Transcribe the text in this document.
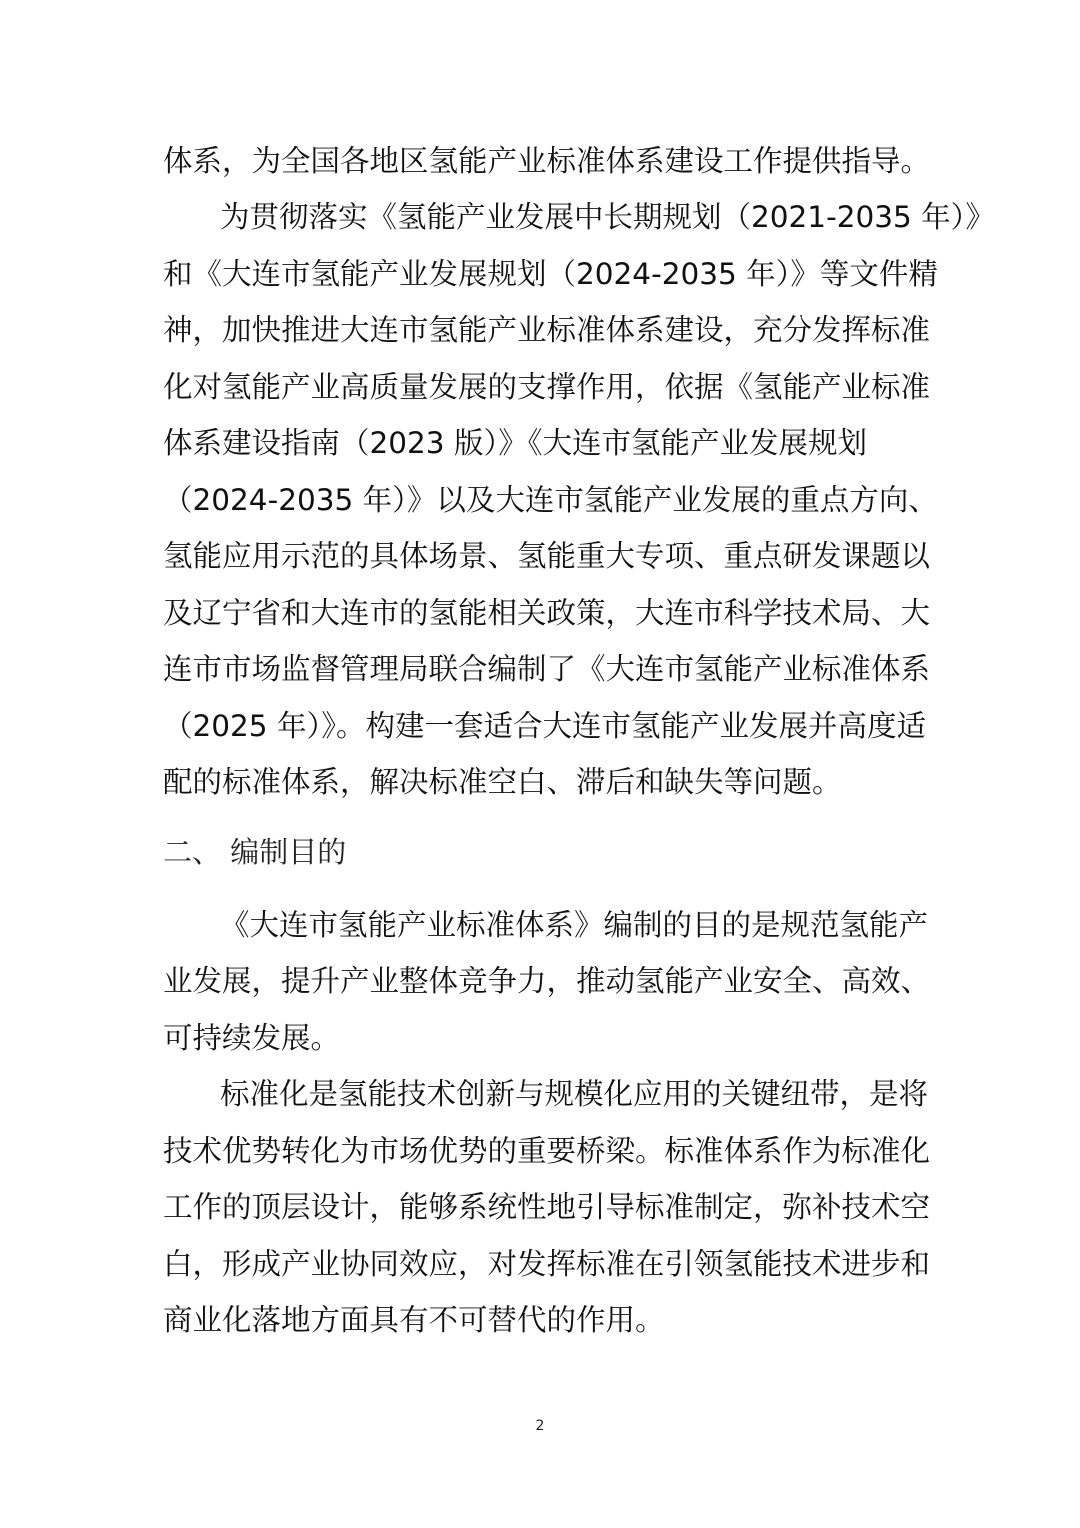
体系，为全国各地区氢能产业标准体系建设工作提供指导。
为贯彻落实《氢能产业发展中长期规划（2021-2035 年）》
和《大连市氢能产业发展规划（2024-2035 年）》等文件精
神，加快推进大连市氢能产业标准体系建设，充分发挥标准
化对氢能产业高质量发展的支撑作用，依据《氢能产业标准
体系建设指南（2023 版）》《大连市氢能产业发展规划
（2024-2035 年）》以及大连市氢能产业发展的重点方向、
氢能应用示范的具体场景、氢能重大专项、重点研发课题以
及辽宁省和大连市的氢能相关政策，大连市科学技术局、大
连市市场监督管理局联合编制了《大连市氢能产业标准体系
（2025 年）》。构建一套适合大连市氢能产业发展并高度适
配的标准体系，解决标准空白、滞后和缺失等问题。
二、 编制目的
《大连市氢能产业标准体系》编制的目的是规范氢能产
业发展，提升产业整体竞争力，推动氢能产业安全、高效、
可持续发展。
标准化是氢能技术创新与规模化应用的关键纽带，是将
技术优势转化为市场优势的重要桥梁。标准体系作为标准化
工作的顶层设计，能够系统性地引导标准制定，弥补技术空
白，形成产业协同效应，对发挥标准在引领氢能技术进步和
商业化落地方面具有不可替代的作用。
2
